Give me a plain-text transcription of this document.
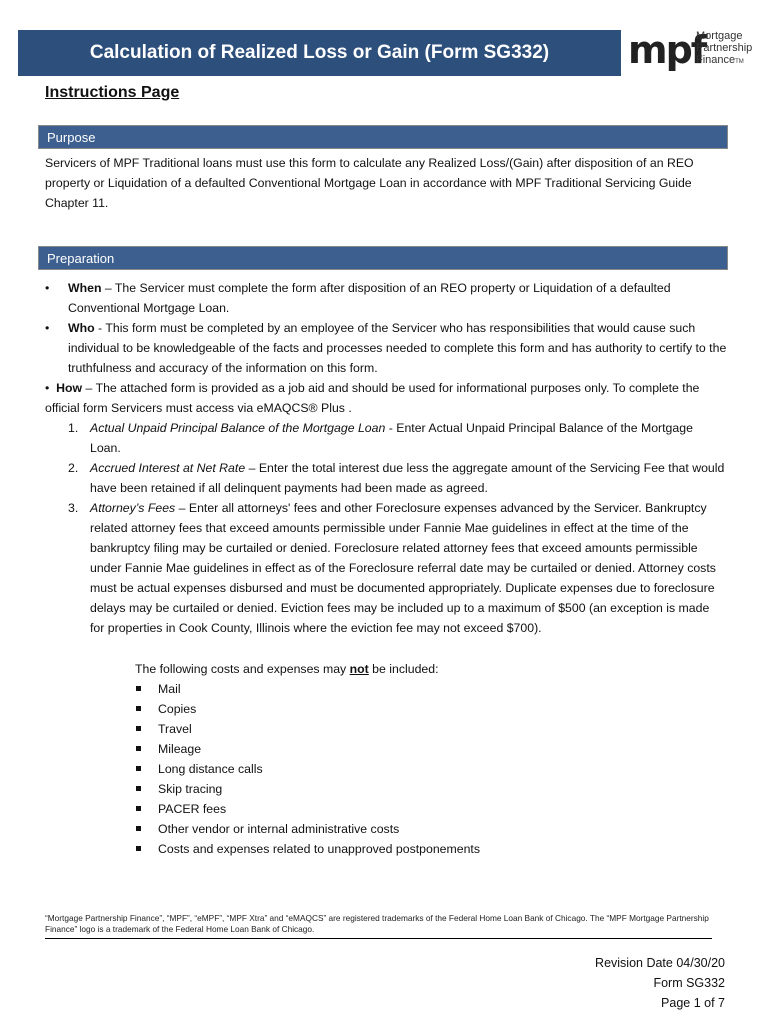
Calculation of Realized Loss or Gain (Form SG332) mpf
Mortgage
Partnership
FinanceTM
Instructions Page
Purpose
Servicers of MPF Traditional loans must use this form to calculate any Realized Loss/(Gain) after disposition of an REO property or Liquidation of a defaulted Conventional Mortgage Loan in accordance with MPF Traditional Servicing Guide Chapter 11.
Preparation
• When – The Servicer must complete the form after disposition of an REO property or Liquidation of a defaulted Conventional Mortgage Loan.
• Who - This form must be completed by an employee of the Servicer who has responsibilities that would cause such individual to be knowledgeable of the facts and processes needed to complete this form and has authority to certify to the truthfulness and accuracy of the information on this form.
• How – The attached form is provided as a job aid and should be used for informational purposes only. To complete the official form Servicers must access via eMAQCS® Plus .
1. Actual Unpaid Principal Balance of the Mortgage Loan - Enter Actual Unpaid Principal Balance of the Mortgage Loan.
2. Accrued Interest at Net Rate – Enter the total interest due less the aggregate amount of the Servicing Fee that would have been retained if all delinquent payments had been made as agreed.
3. Attorney’s Fees – Enter all attorneys' fees and other Foreclosure expenses advanced by the Servicer. Bankruptcy related attorney fees that exceed amounts permissible under Fannie Mae guidelines in effect at the time of the bankruptcy filing may be curtailed or denied. Foreclosure related attorney fees that exceed amounts permissible under Fannie Mae guidelines in effect as of the Foreclosure referral date may be curtailed or denied. Attorney costs must be actual expenses disbursed and must be documented appropriately. Duplicate expenses due to foreclosure delays may be curtailed or denied. Eviction fees may be included up to a maximum of $500 (an exception is made for properties in Cook County, Illinois where the eviction fee may not exceed $700).
The following costs and expenses may not be included:
Mail
Copies
Travel
Mileage
Long distance calls
Skip tracing
PACER fees
Other vendor or internal administrative costs
Costs and expenses related to unapproved postponements
“Mortgage Partnership Finance”, “MPF”, “eMPF”, “MPF Xtra” and “eMAQCS” are registered trademarks of the Federal Home Loan Bank of Chicago. The “MPF Mortgage Partnership Finance” logo is a trademark of the Federal Home Loan Bank of Chicago.
Revision Date 04/30/20
Form SG332
Page 1 of 7
